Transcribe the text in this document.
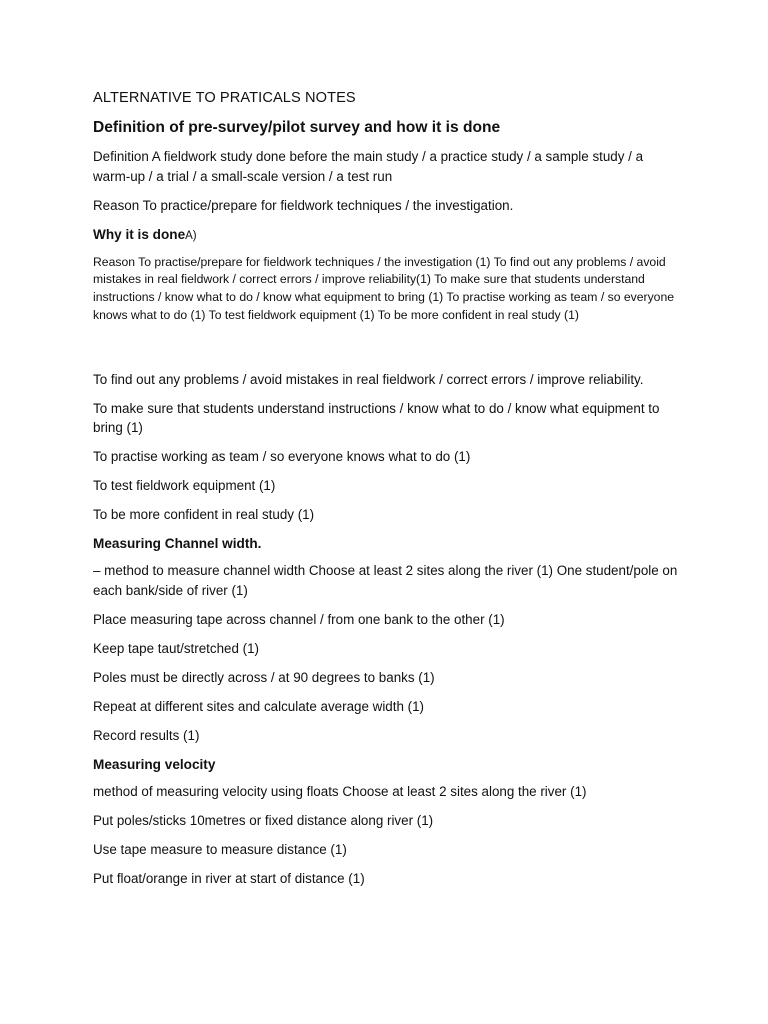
ALTERNATIVE TO PRATICALS NOTES

Definition of pre-survey/pilot survey and how it is done

Definition A fieldwork study done before the main study / a practice study / a sample study / a warm-up / a trial / a small-scale version / a test run

Reason To practice/prepare for fieldwork techniques / the investigation.

Why it is doneA)

Reason To practise/prepare for fieldwork techniques / the investigation (1) To find out any problems / avoid mistakes in real fieldwork / correct errors / improve reliability(1) To make sure that students understand instructions / know what to do / know what equipment to bring (1) To practise working as team / so everyone knows what to do (1) To test fieldwork equipment (1) To be more confident in real study (1)

To find out any problems / avoid mistakes in real fieldwork / correct errors / improve reliability.

To make sure that students understand instructions / know what to do / know what equipment to bring (1)

To practise working as team / so everyone knows what to do (1)

To test fieldwork equipment (1)

To be more confident in real study (1)

Measuring Channel width.

– method to measure channel width Choose at least 2 sites along the river (1) One student/pole on each bank/side of river (1)

Place measuring tape across channel / from one bank to the other (1)

Keep tape taut/stretched (1)

Poles must be directly across / at 90 degrees to banks (1)

Repeat at different sites and calculate average width (1)

Record results (1)

Measuring velocity

method of measuring velocity using floats Choose at least 2 sites along the river (1)

Put poles/sticks 10metres or fixed distance along river (1)

Use tape measure to measure distance (1)

Put float/orange in river at start of distance (1)
